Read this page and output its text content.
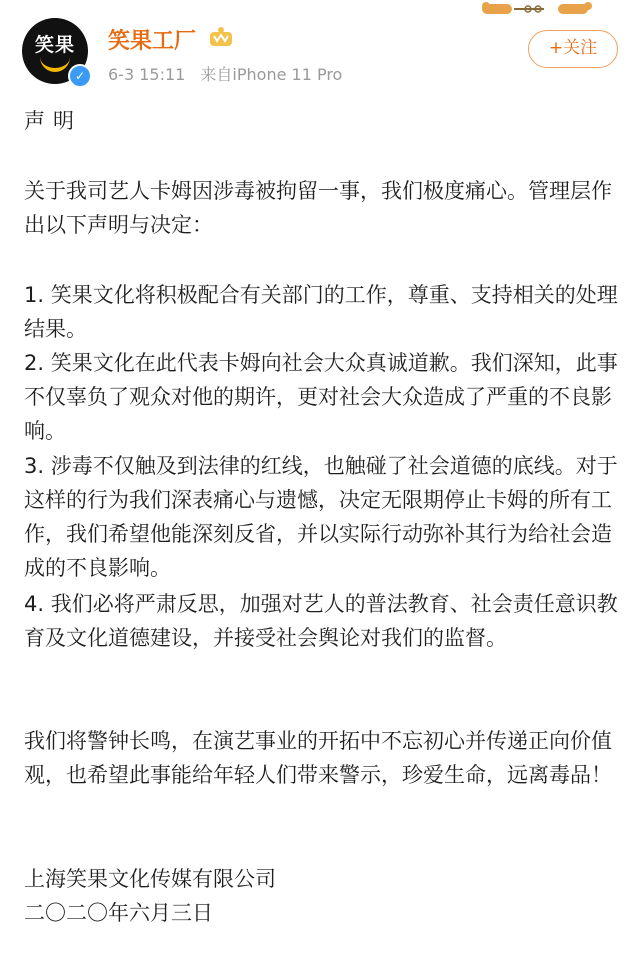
笑果
✓
笑果工厂
6-3 15:11 来自iPhone 11 Pro
+关注

声明

关于我司艺人卡姆因涉毒被拘留一事，我们极度痛心。管理层作出以下声明与决定：

1. 笑果文化将积极配合有关部门的工作，尊重、支持相关的处理结果。

2. 笑果文化在此代表卡姆向社会大众真诚道歉。我们深知，此事不仅辜负了观众对他的期许，更对社会大众造成了严重的不良影响。

3. 涉毒不仅触及到法律的红线，也触碰了社会道德的底线。对于这样的行为我们深表痛心与遗憾，决定无限期停止卡姆的所有工作，我们希望他能深刻反省，并以实际行动弥补其行为给社会造成的不良影响。

4. 我们必将严肃反思，加强对艺人的普法教育、社会责任意识教育及文化道德建设，并接受社会舆论对我们的监督。

我们将警钟长鸣，在演艺事业的开拓中不忘初心并传递正向价值观，也希望此事能给年轻人们带来警示，珍爱生命，远离毒品！

上海笑果文化传媒有限公司

二〇二〇年六月三日
